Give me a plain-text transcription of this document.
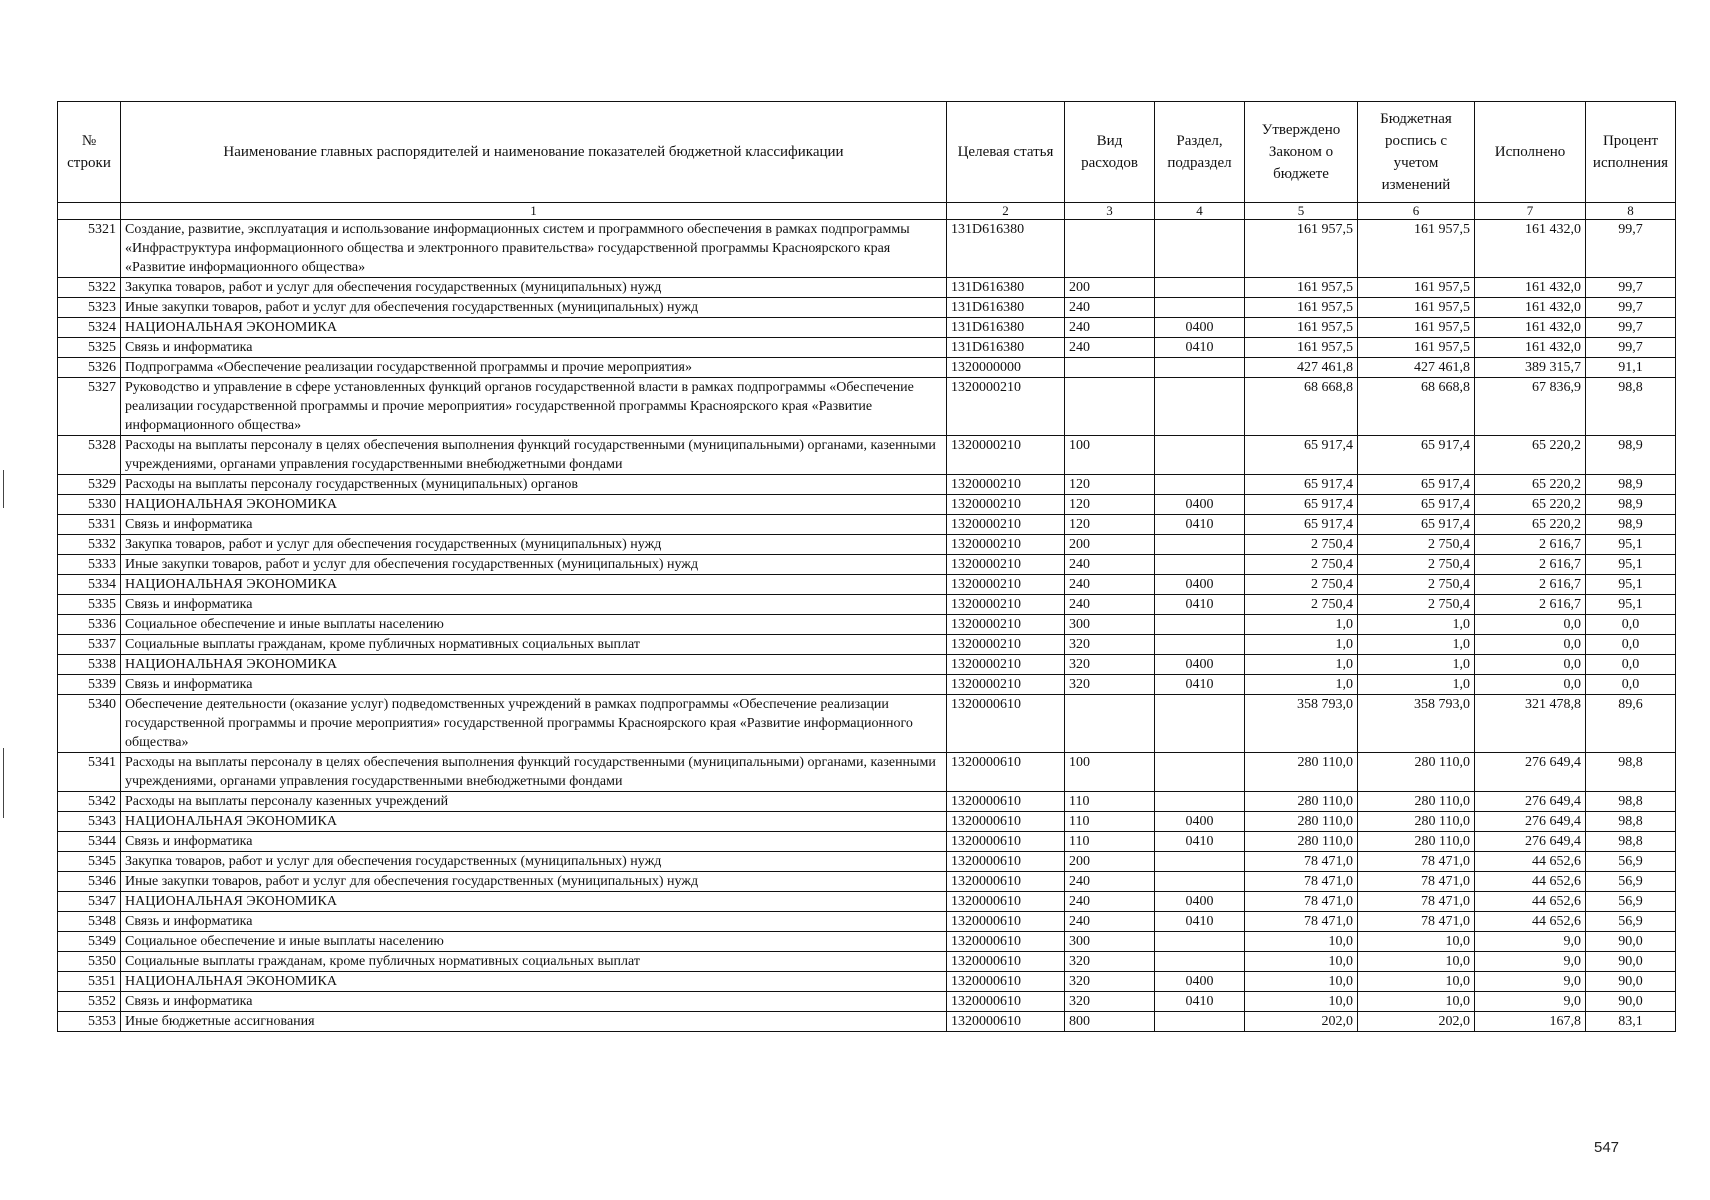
№ строки	Наименование главных распорядителей и наименование показателей бюджетной классификации	Целевая статья	Вид расходов	Раздел, подраздел	Утверждено Законом о бюджете	Бюджетная роспись с учетом изменений	Исполнено	Процент исполнения
	1	2	3	4	5	6	7	8
5321	Создание, развитие, эксплуатация и использование информационных систем и программного обеспечения в рамках подпрограммы «Инфраструктура информационного общества и электронного правительства» государственной программы Красноярского края «Развитие информационного общества»	131D616380			161 957,5	161 957,5	161 432,0	99,7
5322	Закупка товаров, работ и услуг для обеспечения государственных (муниципальных) нужд	131D616380	200		161 957,5	161 957,5	161 432,0	99,7
5323	Иные закупки товаров, работ и услуг для обеспечения государственных (муниципальных) нужд	131D616380	240		161 957,5	161 957,5	161 432,0	99,7
5324	НАЦИОНАЛЬНАЯ ЭКОНОМИКА	131D616380	240	0400	161 957,5	161 957,5	161 432,0	99,7
5325	Связь и информатика	131D616380	240	0410	161 957,5	161 957,5	161 432,0	99,7
5326	Подпрограмма «Обеспечение реализации государственной программы и прочие мероприятия»	1320000000			427 461,8	427 461,8	389 315,7	91,1
5327	Руководство и управление в сфере установленных функций органов государственной власти в рамках подпрограммы «Обеспечение реализации государственной программы и прочие мероприятия» государственной программы Красноярского края «Развитие информационного общества»	1320000210			68 668,8	68 668,8	67 836,9	98,8
5328	Расходы на выплаты персоналу в целях обеспечения выполнения функций государственными (муниципальными) органами, казенными учреждениями, органами управления государственными внебюджетными фондами	1320000210	100		65 917,4	65 917,4	65 220,2	98,9
5329	Расходы на выплаты персоналу государственных (муниципальных) органов	1320000210	120		65 917,4	65 917,4	65 220,2	98,9
5330	НАЦИОНАЛЬНАЯ ЭКОНОМИКА	1320000210	120	0400	65 917,4	65 917,4	65 220,2	98,9
5331	Связь и информатика	1320000210	120	0410	65 917,4	65 917,4	65 220,2	98,9
5332	Закупка товаров, работ и услуг для обеспечения государственных (муниципальных) нужд	1320000210	200		2 750,4	2 750,4	2 616,7	95,1
5333	Иные закупки товаров, работ и услуг для обеспечения государственных (муниципальных) нужд	1320000210	240		2 750,4	2 750,4	2 616,7	95,1
5334	НАЦИОНАЛЬНАЯ ЭКОНОМИКА	1320000210	240	0400	2 750,4	2 750,4	2 616,7	95,1
5335	Связь и информатика	1320000210	240	0410	2 750,4	2 750,4	2 616,7	95,1
5336	Социальное обеспечение и иные выплаты населению	1320000210	300		1,0	1,0	0,0	0,0
5337	Социальные выплаты гражданам, кроме публичных нормативных социальных выплат	1320000210	320		1,0	1,0	0,0	0,0
5338	НАЦИОНАЛЬНАЯ ЭКОНОМИКА	1320000210	320	0400	1,0	1,0	0,0	0,0
5339	Связь и информатика	1320000210	320	0410	1,0	1,0	0,0	0,0
5340	Обеспечение деятельности (оказание услуг) подведомственных учреждений в рамках подпрограммы «Обеспечение реализации государственной программы и прочие мероприятия» государственной программы Красноярского края «Развитие информационного общества»	1320000610			358 793,0	358 793,0	321 478,8	89,6
5341	Расходы на выплаты персоналу в целях обеспечения выполнения функций государственными (муниципальными) органами, казенными учреждениями, органами управления государственными внебюджетными фондами	1320000610	100		280 110,0	280 110,0	276 649,4	98,8
5342	Расходы на выплаты персоналу казенных учреждений	1320000610	110		280 110,0	280 110,0	276 649,4	98,8
5343	НАЦИОНАЛЬНАЯ ЭКОНОМИКА	1320000610	110	0400	280 110,0	280 110,0	276 649,4	98,8
5344	Связь и информатика	1320000610	110	0410	280 110,0	280 110,0	276 649,4	98,8
5345	Закупка товаров, работ и услуг для обеспечения государственных (муниципальных) нужд	1320000610	200		78 471,0	78 471,0	44 652,6	56,9
5346	Иные закупки товаров, работ и услуг для обеспечения государственных (муниципальных) нужд	1320000610	240		78 471,0	78 471,0	44 652,6	56,9
5347	НАЦИОНАЛЬНАЯ ЭКОНОМИКА	1320000610	240	0400	78 471,0	78 471,0	44 652,6	56,9
5348	Связь и информатика	1320000610	240	0410	78 471,0	78 471,0	44 652,6	56,9
5349	Социальное обеспечение и иные выплаты населению	1320000610	300		10,0	10,0	9,0	90,0
5350	Социальные выплаты гражданам, кроме публичных нормативных социальных выплат	1320000610	320		10,0	10,0	9,0	90,0
5351	НАЦИОНАЛЬНАЯ ЭКОНОМИКА	1320000610	320	0400	10,0	10,0	9,0	90,0
5352	Связь и информатика	1320000610	320	0410	10,0	10,0	9,0	90,0
5353	Иные бюджетные ассигнования	1320000610	800		202,0	202,0	167,8	83,1
547
